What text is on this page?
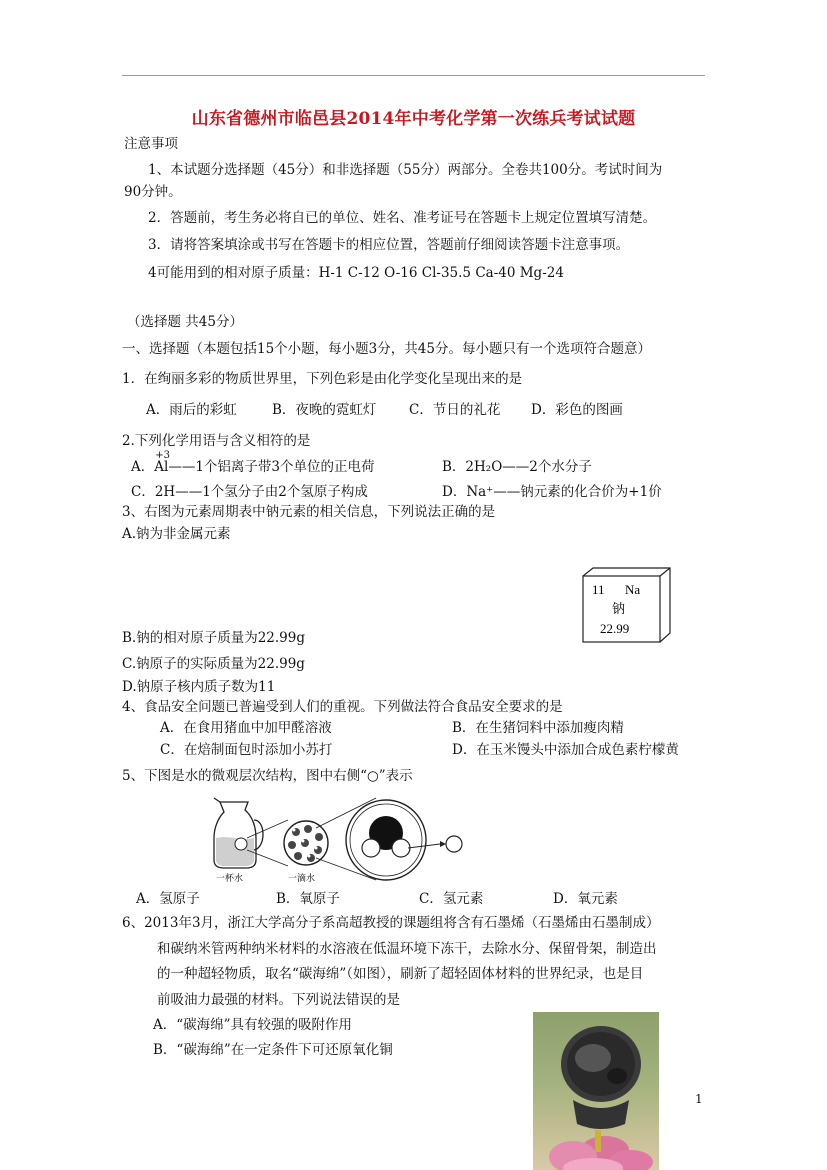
山东省德州市临邑县2014年中考化学第一次练兵考试试题
注意事项
1、本试题分选择题（45分）和非选择题（55分）两部分。全卷共100分。考试时间为
90分钟。
2．答题前，考生务必将自已的单位、姓名、准考证号在答题卡上规定位置填写清楚。
3．请将答案填涂或书写在答题卡的相应位置，答题前仔细阅读答题卡注意事项。
4可能用到的相对原子质量：H-1 C-12 O-16 Cl-35.5 Ca-40 Mg-24
（选择题 共45分）
一、选择题（本题包括15个小题，每小题3分，共45分。每小题只有一个选项符合题意）
1．在绚丽多彩的物质世界里，下列色彩是由化学变化呈现出来的是
A．雨后的彩虹	B．夜晚的霓虹灯 C．节日的礼花 D．彩色的图画
2.下列化学用语与含义相符的是
A．
+3
Al——1个铝离子带3个单位的正电荷	B．2H₂O——2个水分子
C．2H——1个氢分子由2个氢原子构成	D．Na⁺——钠元素的化合价为+1价
3、右图为元素周期表中钠元素的相关信息，下列说法正确的是
A.钠为非金属元素
11 Na
钠
22.99
B.钠的相对原子质量为22.99g
C.钠原子的实际质量为22.99g
D.钠原子核内质子数为11
4、食品安全问题已普遍受到人们的重视。下列做法符合食品安全要求的是
A．在食用猪血中加甲醛溶液	B．在生猪饲料中添加瘦肉精
C．在焙制面包时添加小苏打	D．在玉米馒头中添加合成色素柠檬黄
5、下图是水的微观层次结构，图中右侧“○”表示
一杯水	一滴水
A．氢原子	B．氧原子	C．氢元素	D．氧元素
6、2013年3月，浙江大学高分子系高超教授的课题组将含有石墨烯（石墨烯由石墨制成）
和碳纳米管两种纳米材料的水溶液在低温环境下冻干，去除水分、保留骨架，制造出
的一种超轻物质，取名“碳海绵”（如图），刷新了超轻固体材料的世界纪录，也是目
前吸油力最强的材料。下列说法错误的是
A．“碳海绵”具有较强的吸附作用
B．“碳海绵”在一定条件下可还原氧化铜
1
